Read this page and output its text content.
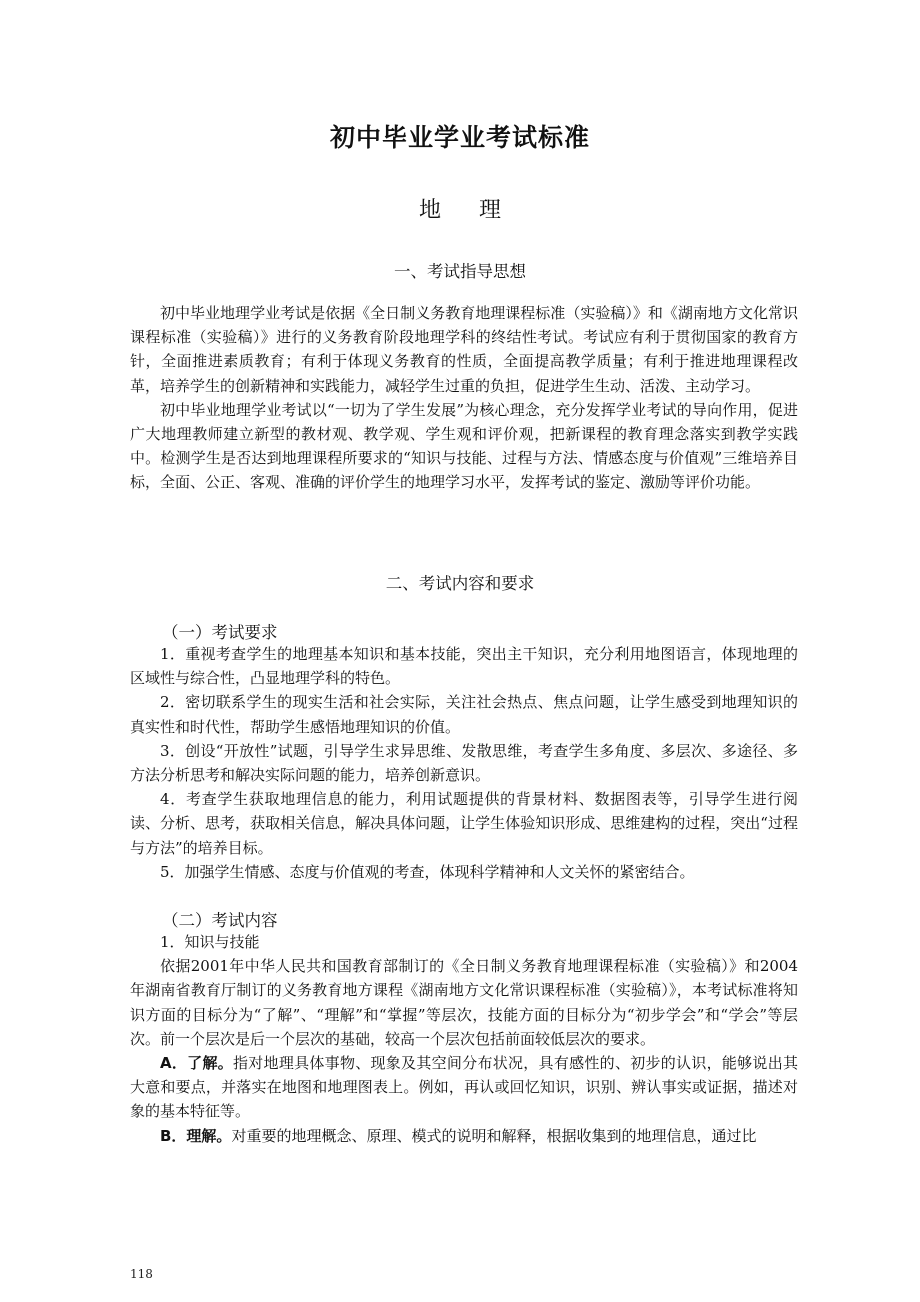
初中毕业学业考试标准
地理
一、考试指导思想

初中毕业地理学业考试是依据《全日制义务教育地理课程标准（实验稿）》和《湖南地方文化常识课程标准（实验稿）》进行的义务教育阶段地理学科的终结性考试。考试应有利于贯彻国家的教育方针，全面推进素质教育；有利于体现义务教育的性质，全面提高教学质量；有利于推进地理课程改革，培养学生的创新精神和实践能力，减轻学生过重的负担，促进学生生动、活泼、主动学习。

初中毕业地理学业考试以“一切为了学生发展”为核心理念，充分发挥学业考试的导向作用，促进广大地理教师建立新型的教材观、教学观、学生观和评价观，把新课程的教育理念落实到教学实践中。检测学生是否达到地理课程所要求的“知识与技能、过程与方法、情感态度与价值观”三维培养目标，全面、公正、客观、准确的评价学生的地理学习水平，发挥考试的鉴定、激励等评价功能。

二、考试内容和要求
（一）考试要求

1．重视考查学生的地理基本知识和基本技能，突出主干知识，充分利用地图语言，体现地理的区域性与综合性，凸显地理学科的特色。

2．密切联系学生的现实生活和社会实际，关注社会热点、焦点问题，让学生感受到地理知识的真实性和时代性，帮助学生感悟地理知识的价值。

3．创设“开放性”试题，引导学生求异思维、发散思维，考查学生多角度、多层次、多途径、多方法分析思考和解决实际问题的能力，培养创新意识。

4．考查学生获取地理信息的能力，利用试题提供的背景材料、数据图表等，引导学生进行阅读、分析、思考，获取相关信息，解决具体问题，让学生体验知识形成、思维建构的过程，突出“过程与方法”的培养目标。

5．加强学生情感、态度与价值观的考查，体现科学精神和人文关怀的紧密结合。

（二）考试内容

1．知识与技能

依据2001年中华人民共和国教育部制订的《全日制义务教育地理课程标准（实验稿）》和2004年湖南省教育厅制订的义务教育地方课程《湖南地方文化常识课程标准（实验稿）》，本考试标准将知识方面的目标分为“了解”、“理解”和“掌握”等层次，技能方面的目标分为“初步学会”和“学会”等层次。前一个层次是后一个层次的基础，较高一个层次包括前面较低层次的要求。

A．了解。指对地理具体事物、现象及其空间分布状况，具有感性的、初步的认识，能够说出其大意和要点，并落实在地图和地理图表上。例如，再认或回忆知识，识别、辨认事实或证据，描述对象的基本特征等。

B．理解。对重要的地理概念、原理、模式的说明和解释，根据收集到的地理信息，通过比

118
